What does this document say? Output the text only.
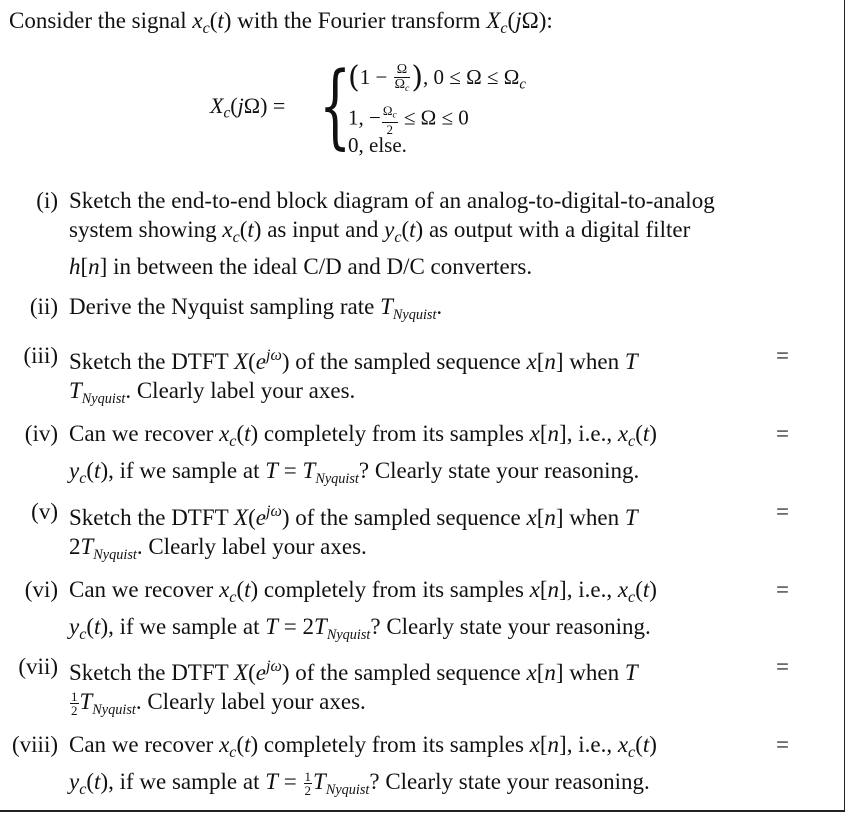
Consider the signal $x_c(t)$ with the Fourier transform $X_c(j\Omega)$:
$X_c(j\Omega)$ = {
($1 - \frac{\Omega}{\Omega_c}$ ), $0 \le \Omega \le \Omega_c$
1, − $\frac{\Omega_c}{2} \le \Omega \le 0$
0, else.
(i) Sketch the end-to-end block diagram of an analog-to-digital-to-analog
system showing $x_c(t)$ as input and $y_c(t)$ as output with a digital filter
h[n] in between the ideal C/D and D/C converters.
(ii) Derive the Nyquist sampling rate $T_{Nyquist}$.
(iii) Sketch the DTFT $X(e^{j\omega})$ of the sampled sequence x[n] when T	=
$T_{Nyquist}$. Clearly label your axes.
(iv) Can we recover $x_c(t)$ completely from its samples x[n], i.e., $x_c(t)$	=
$y_c(t)$, if we sample at $T = T_{Nyquist}$? Clearly state your reasoning.
(v) Sketch the DTFT $X(e^{j\omega})$ of the sampled sequence x[n] when T	=
$2T_{Nyquist}$. Clearly label your axes.
(vi) Can we recover $x_c(t)$ completely from its samples x[n], i.e., $x_c(t)$	=
$y_c(t)$, if we sample at $T = 2T_{Nyquist}$? Clearly state your reasoning.
(vii) Sketch the DTFT $X(e^{j\omega})$ of the sampled sequence x[n] when T	=
$\frac{1}{2} T_{Nyquist}$. Clearly label your axes.
(viii) Can we recover $x_c(t)$ completely from its samples x[n], i.e., $x_c(t)$	=
$y_c(t)$, if we sample at $T = \frac{1}{2} T_{Nyquist}$? Clearly state your reasoning.
